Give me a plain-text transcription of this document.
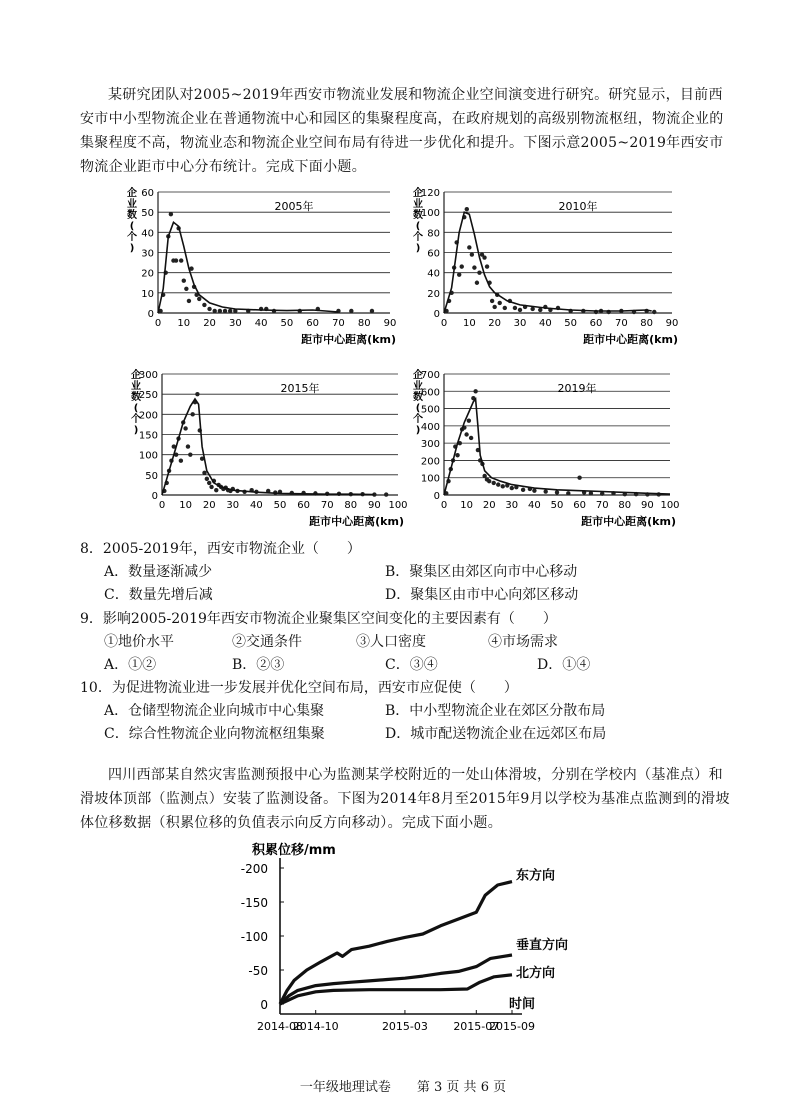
某研究团队对2005~2019年西安市物流业发展和物流企业空间演变进行研究。研究显示，目前西安市中小型物流企业在普通物流中心和园区的集聚程度高，在政府规划的高级别物流枢纽，物流企业的集聚程度不高，物流业态和物流企业空间布局有待进一步优化和提升。下图示意2005~2019年西安市物流企业距市中心分布统计。完成下面小题。

0
10
20
30
40
50
60
0 10 20 30 40 50 60 70 80 90
企
业
数
(
个
)
距市中心距离(km)
2005年
0
20
40
60
80
100
120
0 10 20 30 40 50 60 70 80 90
企
业
数
(
个
)
距市中心距离(km)
2010年
0
50
100
150
200
250
300
0 10 20 30 40 50 60 70 80 90 100
企
业
数
(
个
)
距市中心距离(km)
2015年
0
100
200
300
400
500
600
700
0 10 20 30 40 50 60 70 80 90 100
企
业
数
(
个
)
距市中心距离(km)
2019年
8．2005-2019年，西安市物流企业（　　）
A．数量逐渐减少	B．聚集区由郊区向市中心移动
C．数量先增后减	D．聚集区由市中心向郊区移动
9．影响2005-2019年西安市物流企业聚集区空间变化的主要因素有（　　）
①地价水平	②交通条件	③人口密度	④市场需求
A．①②	B．②③	C．③④	D．①④
10．为促进物流业进一步发展并优化空间布局，西安市应促使（　　）
A．仓储型物流企业向城市中心集聚	B．中小型物流企业在郊区分散布局
C．综合性物流企业向物流枢纽集聚	D．城市配送物流企业在远郊区布局

四川西部某自然灾害监测预报中心为监测某学校附近的一处山体滑坡，分别在学校内（基准点）和滑坡体顶部（监测点）安装了监测设备。下图为2014年8月至2015年9月以学校为基准点监测到的滑坡体位移数据（积累位移的负值表示向反方向移动）。完成下面小题。

0
-50
-100
-150
-200
2014-08
2014-10	2015-03 2015-07
2015-09
积累位移/mm
时间
东方向
垂直方向
北方向
一年级地理试卷　　第 3 页 共 6 页
